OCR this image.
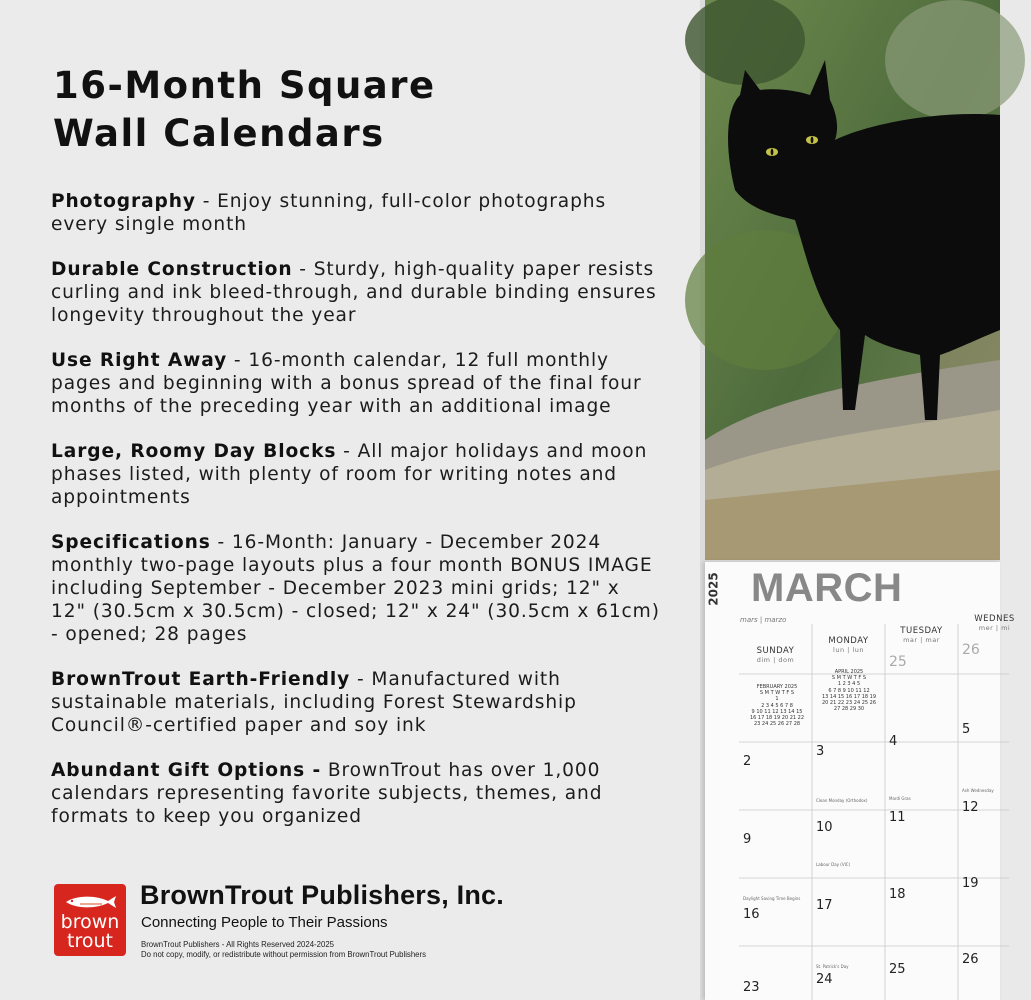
16-Month Square
Wall Calendars

Photography - Enjoy stunning, full-color photographs every single month

Durable Construction - Sturdy, high-quality paper resists curling and ink bleed-through, and durable binding ensures longevity throughout the year

Use Right Away - 16-month calendar, 12 full monthly pages and beginning with a bonus spread of the final four months of the preceding year with an additional image

Large, Roomy Day Blocks - All major holidays and moon phases listed, with plenty of room for writing notes and appointments

Specifications - 16-Month: January - December 2024 monthly two-page layouts plus a four month BONUS IMAGE including September - December 2023 mini grids; 12" x 12" (30.5cm x 30.5cm) - closed; 12" x 24" (30.5cm x 61cm) - opened; 28 pages

BrownTrout Earth-Friendly - Manufactured with sustainable materials, including Forest Stewardship Council®-certified paper and soy ink

Abundant Gift Options - BrownTrout has over 1,000 calendars representing favorite subjects, themes, and formats to keep you organized

brown
trout
BrownTrout Publishers, Inc.
Connecting People to Their Passions
BrownTrout Publishers - All Rights Reserved 2024-2025
Do not copy, modify, or redistribute without permission from BrownTrout Publishers
2025 MARCH
mars | marzo
SUNDAY
dim | dom
MONDAY
lun | lun
TUESDAY
mar | mar
WEDNES
mer | mi
FEBRUARY 2025
S M T W T F S
1
2 3 4 5 6 7 8
9 10 11 12 13 14 15
16 17 18 19 20 21 22
23 24 25 26 27 28
APRIL 2025
S M T W T F S
1 2 3 4 5
6 7 8 9 10 11 12
13 14 15 16 17 18 19
20 21 22 23 24 25 26
27 28 29 30
25
26
2
3
4
5
9
10
11
12
16
17
18
19
23
24
25
26
Clean Monday (Orthodox)	Mardi Gras
Ash Wednesday
Labour Day (VIC)
Daylight Saving Time Begins
St. Patrick's Day
